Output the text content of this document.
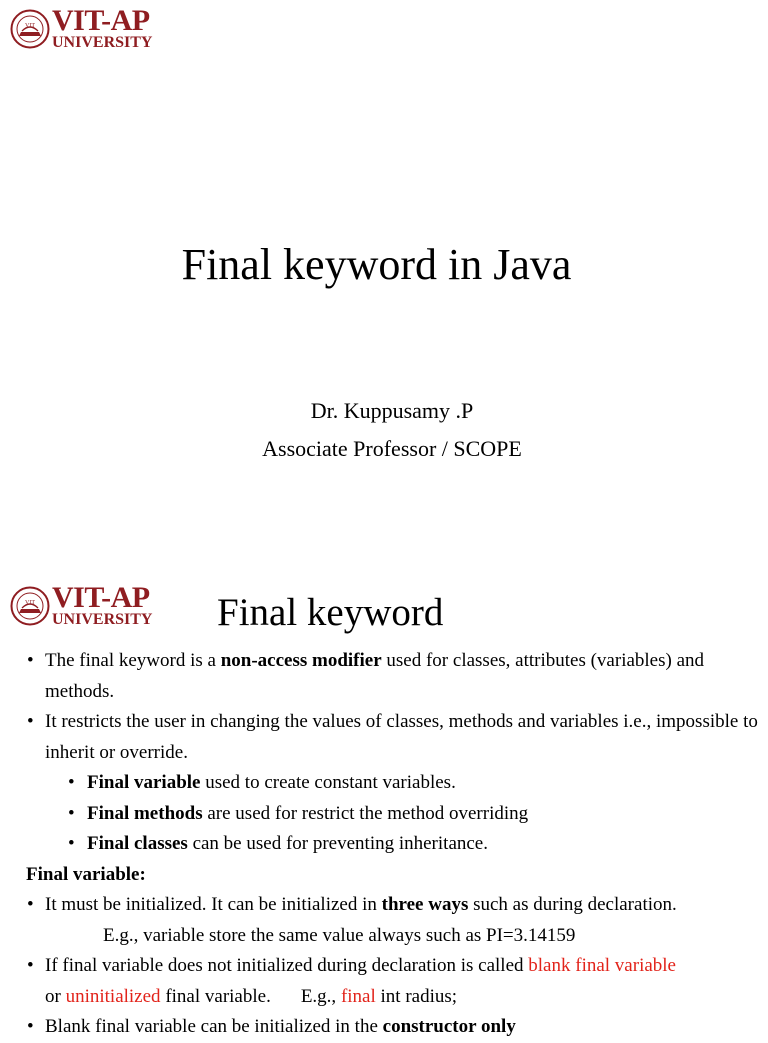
VIT VIT-AP
UNIVERSITY
Final keyword in Java
Dr. Kuppusamy .P
Associate Professor / SCOPE
VIT VIT-AP
UNIVERSITY Final keyword
• The final keyword is a non-access modifier used for classes, attributes (variables) and methods.
• It restricts the user in changing the values of classes, methods and variables i.e., impossible to inherit or override.
• Final variable used to create constant variables.
• Final methods are used for restrict the method overriding
• Final classes can be used for preventing inheritance.
Final variable:
• It must be initialized. It can be initialized in three ways such as during declaration.
E.g., variable store the same value always such as PI=3.14159
• If final variable does not initialized during declaration is called blank final variable
or uninitialized final variable. E.g., final int radius;
• Blank final variable can be initialized in the constructor only
